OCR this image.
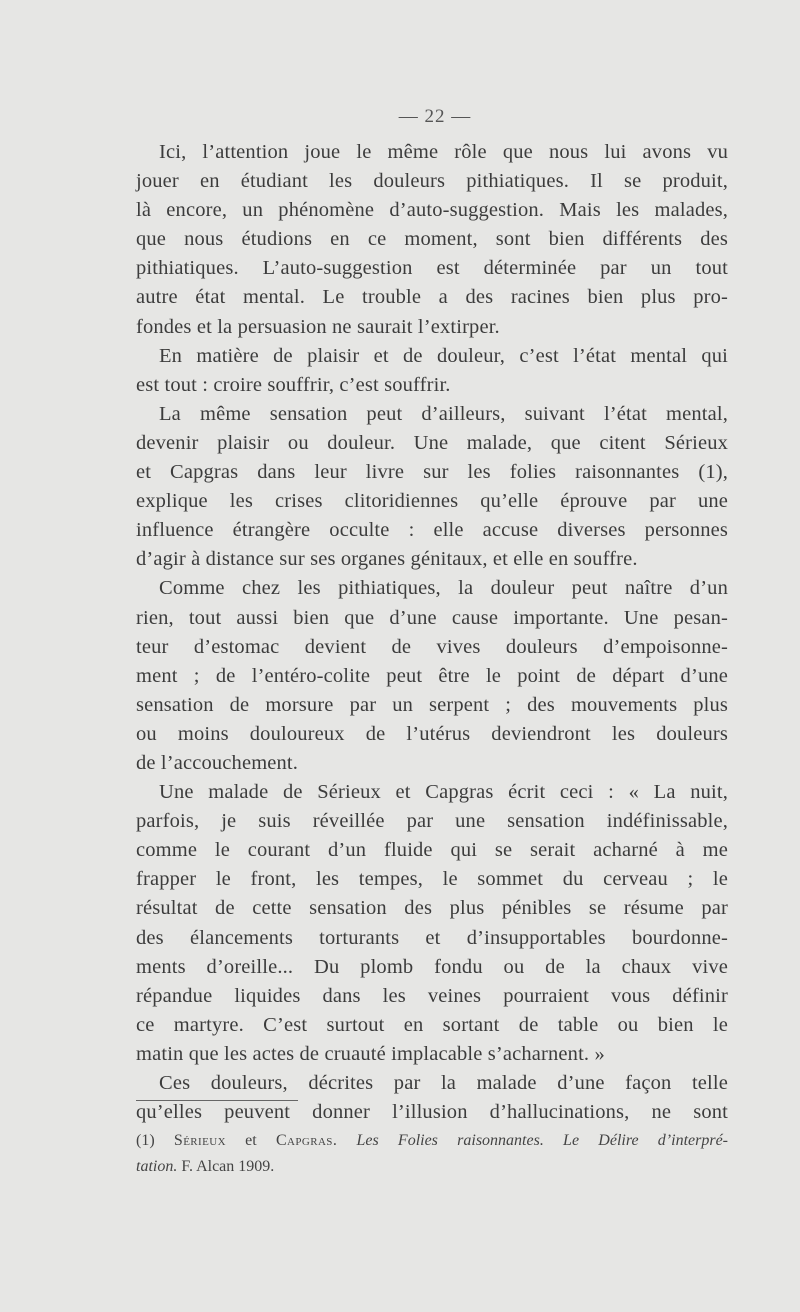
— 22 —
Ici, l’attention joue le même rôle que nous lui avons vu
jouer en étudiant les douleurs pithiatiques. Il se produit,
là encore, un phénomène d’auto-suggestion. Mais les malades,
que nous étudions en ce moment, sont bien différents des
pithiatiques. L’auto-suggestion est déterminée par un tout
autre état mental. Le trouble a des racines bien plus pro-
fondes et la persuasion ne saurait l’extirper.
En matière de plaisir et de douleur, c’est l’état mental qui
est tout : croire souffrir, c’est souffrir.
La même sensation peut d’ailleurs, suivant l’état mental,
devenir plaisir ou douleur. Une malade, que citent Sérieux
et Capgras dans leur livre sur les folies raisonnantes (1),
explique les crises clitoridiennes qu’elle éprouve par une
influence étrangère occulte : elle accuse diverses personnes
d’agir à distance sur ses organes génitaux, et elle en souffre.
Comme chez les pithiatiques, la douleur peut naître d’un
rien, tout aussi bien que d’une cause importante. Une pesan-
teur d’estomac devient de vives douleurs d’empoisonne-
ment ; de l’entéro-colite peut être le point de départ d’une
sensation de morsure par un serpent ; des mouvements plus
ou moins douloureux de l’utérus deviendront les douleurs
de l’accouchement.
Une malade de Sérieux et Capgras écrit ceci : « La nuit,
parfois, je suis réveillée par une sensation indéfinissable,
comme le courant d’un fluide qui se serait acharné à me
frapper le front, les tempes, le sommet du cerveau ; le
résultat de cette sensation des plus pénibles se résume par
des élancements torturants et d’insupportables bourdonne-
ments d’oreille... Du plomb fondu ou de la chaux vive
répandue liquides dans les veines pourraient vous définir
ce martyre. C’est surtout en sortant de table ou bien le
matin que les actes de cruauté implacable s’acharnent. »
Ces douleurs, décrites par la malade d’une façon telle
qu’elles peuvent donner l’illusion d’hallucinations, ne sont
(1) Sérieux et Capgras. Les Folies raisonnantes. Le Délire d’interpré-
tation. F. Alcan 1909.
